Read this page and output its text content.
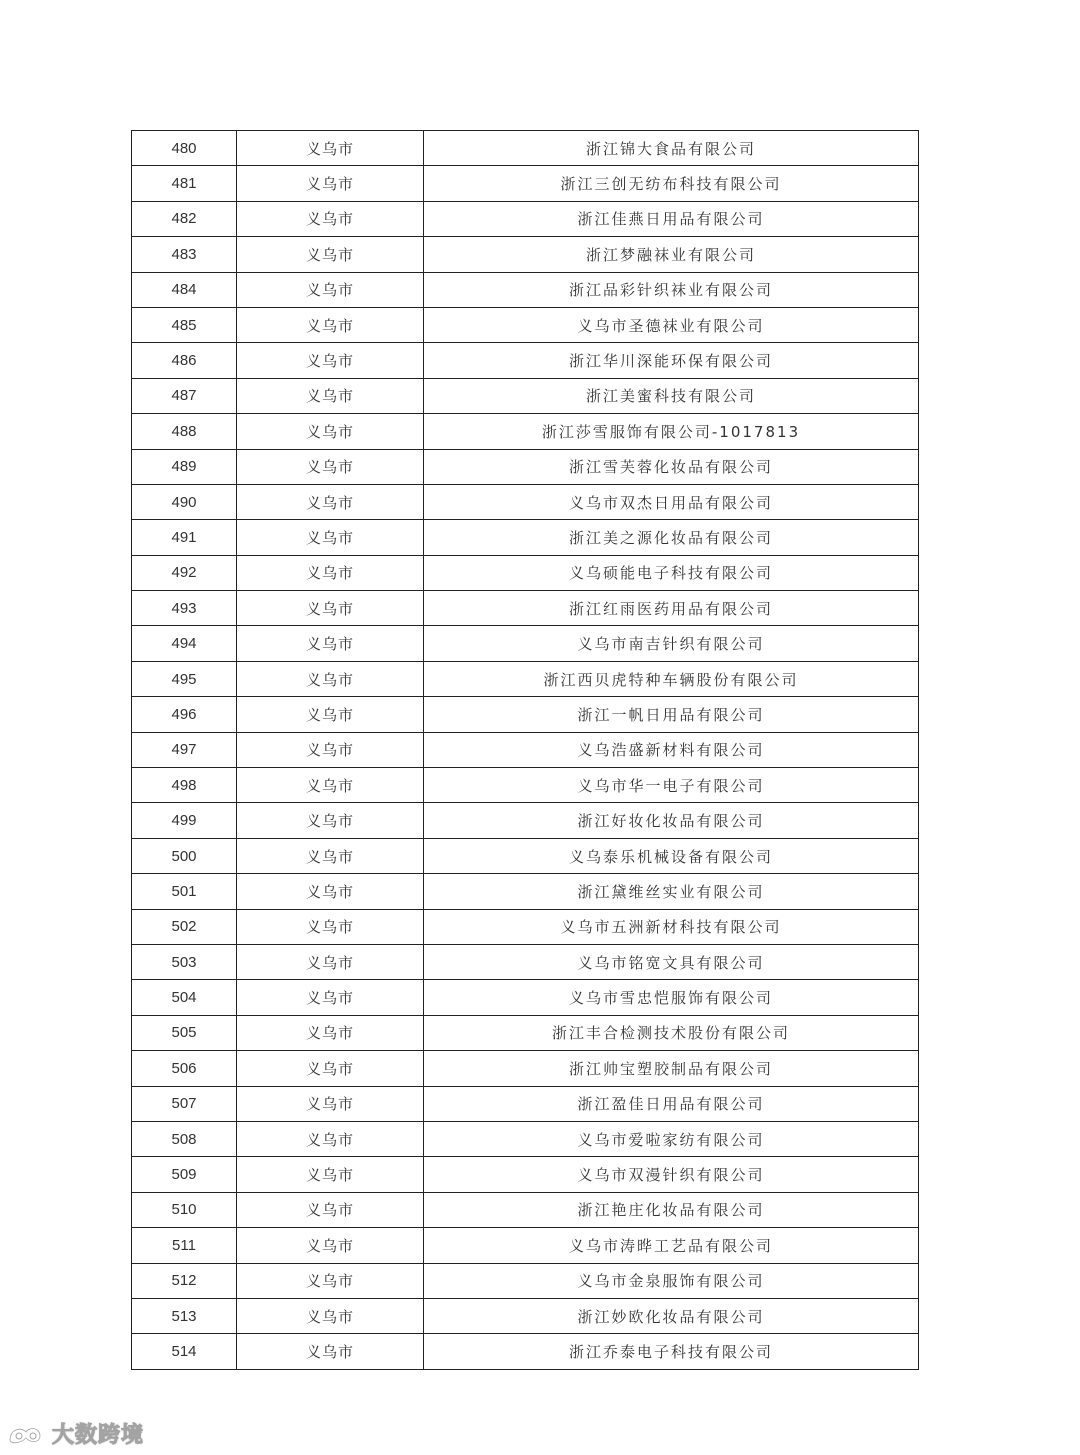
480	义乌市	浙江锦大食品有限公司
481	义乌市	浙江三创无纺布科技有限公司
482	义乌市	浙江佳燕日用品有限公司
483	义乌市	浙江梦融袜业有限公司
484	义乌市	浙江品彩针织袜业有限公司
485	义乌市	义乌市圣德袜业有限公司
486	义乌市	浙江华川深能环保有限公司
487	义乌市	浙江美蜜科技有限公司
488	义乌市	浙江莎雪服饰有限公司-1017813
489	义乌市	浙江雪芙蓉化妆品有限公司
490	义乌市	义乌市双杰日用品有限公司
491	义乌市	浙江美之源化妆品有限公司
492	义乌市	义乌硕能电子科技有限公司
493	义乌市	浙江红雨医药用品有限公司
494	义乌市	义乌市南吉针织有限公司
495	义乌市	浙江西贝虎特种车辆股份有限公司
496	义乌市	浙江一帆日用品有限公司
497	义乌市	义乌浩盛新材料有限公司
498	义乌市	义乌市华一电子有限公司
499	义乌市	浙江好妆化妆品有限公司
500	义乌市	义乌泰乐机械设备有限公司
501	义乌市	浙江黛维丝实业有限公司
502	义乌市	义乌市五洲新材科技有限公司
503	义乌市	义乌市铭宽文具有限公司
504	义乌市	义乌市雪忠恺服饰有限公司
505	义乌市	浙江丰合检测技术股份有限公司
506	义乌市	浙江帅宝塑胶制品有限公司
507	义乌市	浙江盈佳日用品有限公司
508	义乌市	义乌市爱啦家纺有限公司
509	义乌市	义乌市双漫针织有限公司
510	义乌市	浙江艳庄化妆品有限公司
511	义乌市	义乌市涛晔工艺品有限公司
512	义乌市	义乌市金泉服饰有限公司
513	义乌市	浙江妙欧化妆品有限公司
514	义乌市	浙江乔泰电子科技有限公司
大数跨境
